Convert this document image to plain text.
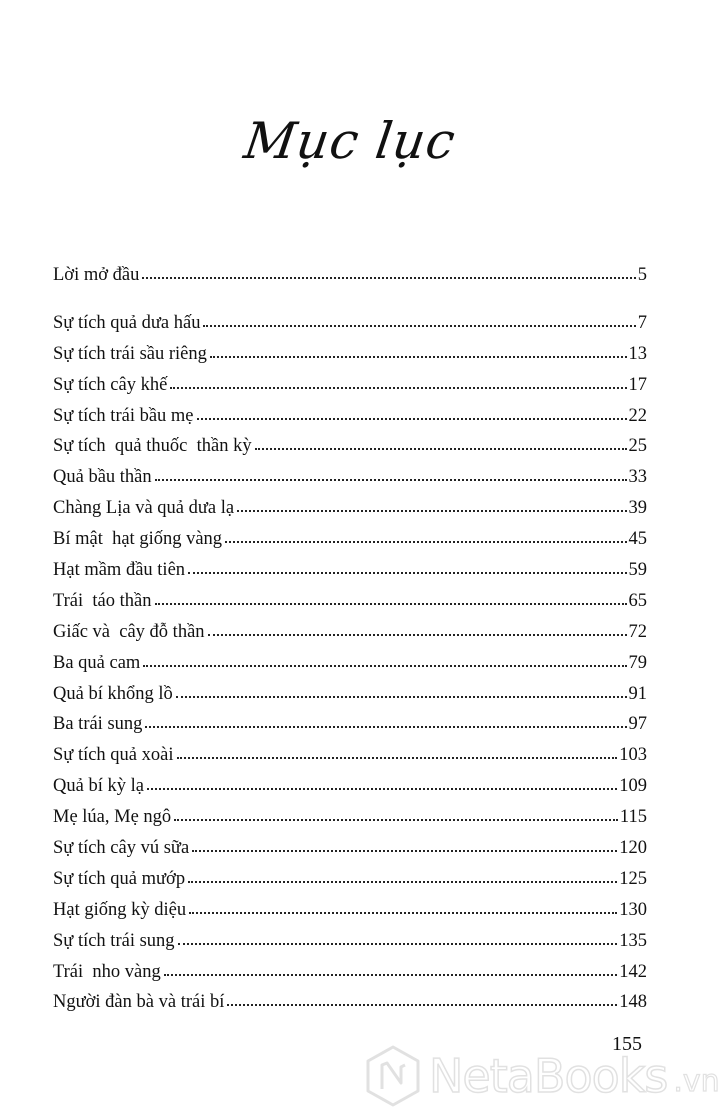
Mục lục
Lời mở đầu	5
Sự tích quả dưa hấu	7
Sự tích trái sầu riêng	13
Sự tích cây khế	17
Sự tích trái bầu mẹ	22
Sự tích  quả thuốc  thần kỳ	25
Quả bầu thần	33
Chàng Lịa và quả dưa lạ	39
Bí mật  hạt giống vàng	45
Hạt mầm đầu tiên	59
Trái  táo thần	65
Giấc và  cây đỗ thần	72
Ba quả cam	79
Quả bí khổng lồ	91
Ba trái sung	97
Sự tích quả xoài	103
Quả bí kỳ lạ	109
Mẹ lúa, Mẹ ngô	115
Sự tích cây vú sữa	120
Sự tích quả mướp	125
Hạt giống kỳ diệu	130
Sự tích trái sung	135
Trái  nho vàng	142
Người đàn bà và trái bí	148
NetaBooks .vn
155
